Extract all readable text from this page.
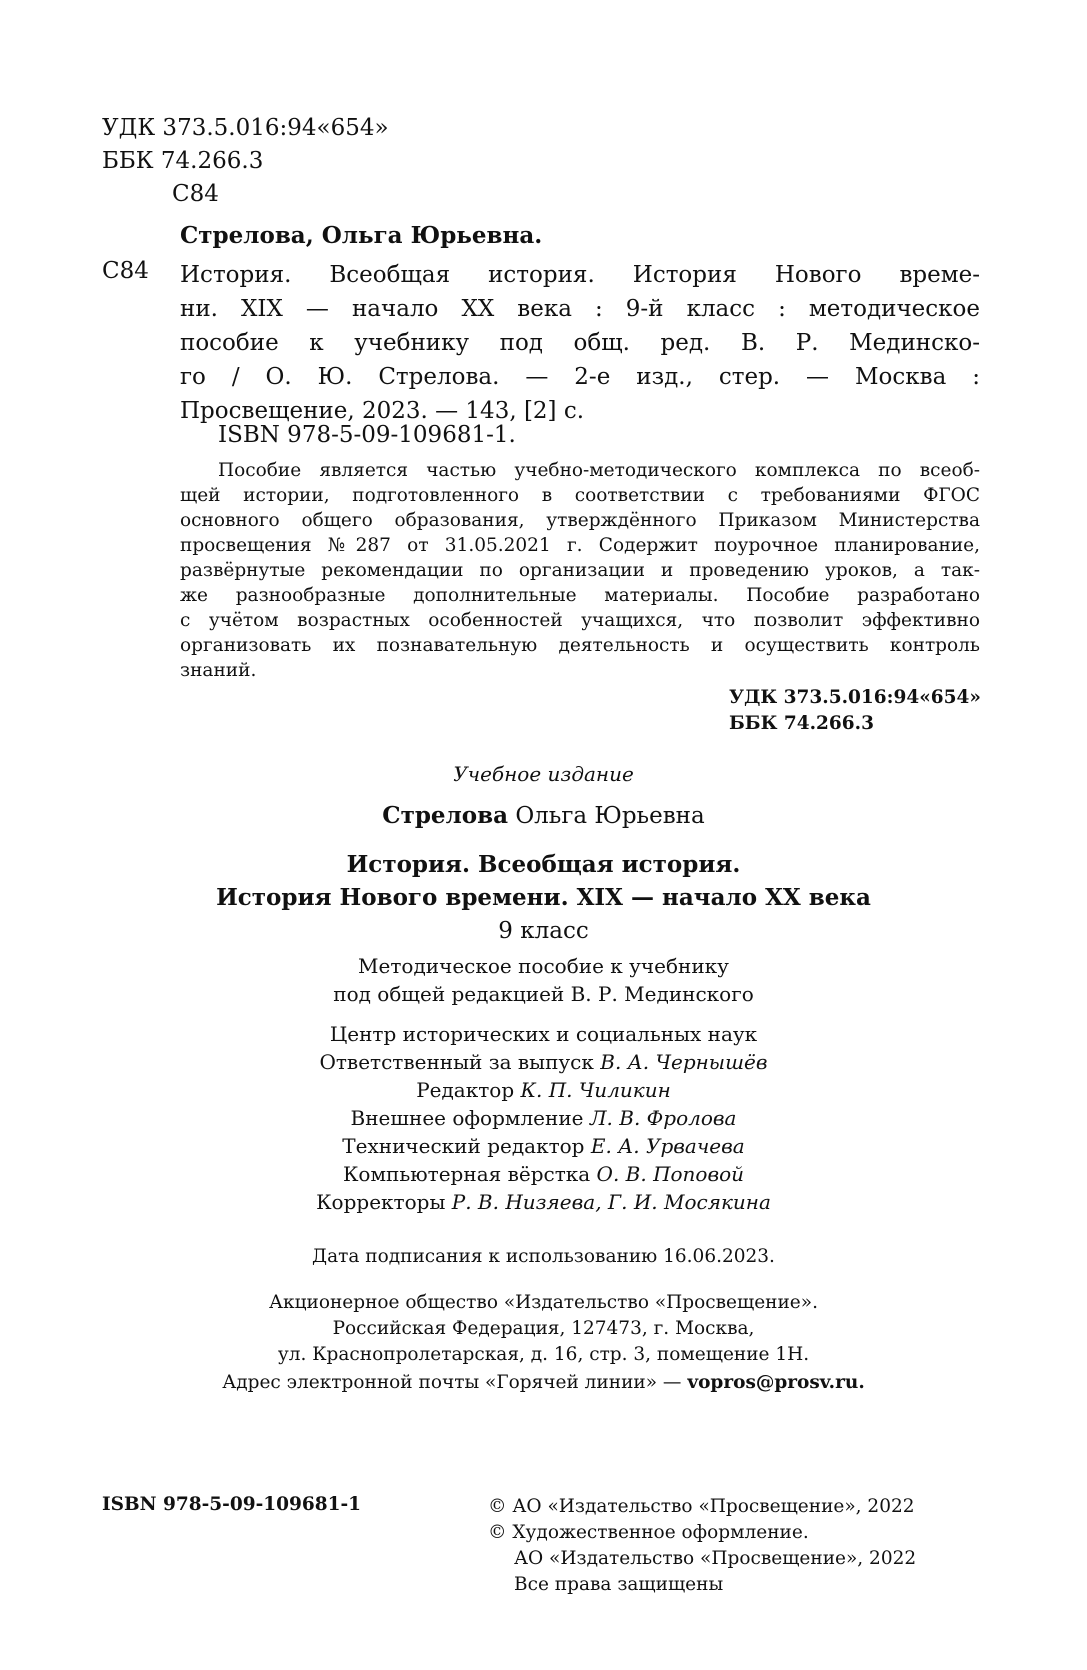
УДК 373.5.016:94«654»
ББК 74.266.3
С84
Стрелова, Ольга Юрьевна.
С84 История. Всеобщая история. История Нового време-
ни. XIX — начало XX века : 9-й класс : методическое
пособие к учебнику под общ. ред. В. Р. Мединско-
го / О. Ю. Стрелова. — 2-е изд., стер. — Москва :
Просвещение, 2023. — 143, [2] с.
ISBN 978-5-09-109681-1.
Пособие является частью учебно-методического комплекса по всеоб-
щей истории, подготовленного в соответствии с требованиями ФГОС
основного общего образования, утверждённого Приказом Министерства
просвещения №287 от 31.05.2021 г. Содержит поурочное планирование,
развёрнутые рекомендации по организации и проведению уроков, а так-
же разнообразные дополнительные материалы. Пособие разработано
с учётом возрастных особенностей учащихся, что позволит эффективно
организовать их познавательную деятельность и осуществить контроль
знаний.
УДК 373.5.016:94«654»
ББК 74.266.3
Учебное издание
Стрелова Ольга Юрьевна
История. Всеобщая история.
История Нового времени. XIX — начало XX века
9 класс
Методическое пособие к учебнику
под общей редакцией В. Р. Мединского
Центр исторических и социальных наук
Ответственный за выпуск В. А. Чернышёв
Редактор К. П. Чиликин
Внешнее оформление Л. В. Фролова
Технический редактор Е. А. Урвачева
Компьютерная вёрстка О. В. Поповой
Корректоры Р. В. Низяева, Г. И. Мосякина
Дата подписания к использованию 16.06.2023.
Акционерное общество «Издательство «Просвещение».
Российская Федерация, 127473, г. Москва,
ул. Краснопролетарская, д. 16, стр. 3, помещение 1Н.
Адрес электронной почты «Горячей линии» — vopros@prosv.ru.
ISBN 978-5-09-109681-1	© АО «Издательство «Просвещение», 2022
© Художественное оформление.
АО «Издательство «Просвещение», 2022
Все права защищены
